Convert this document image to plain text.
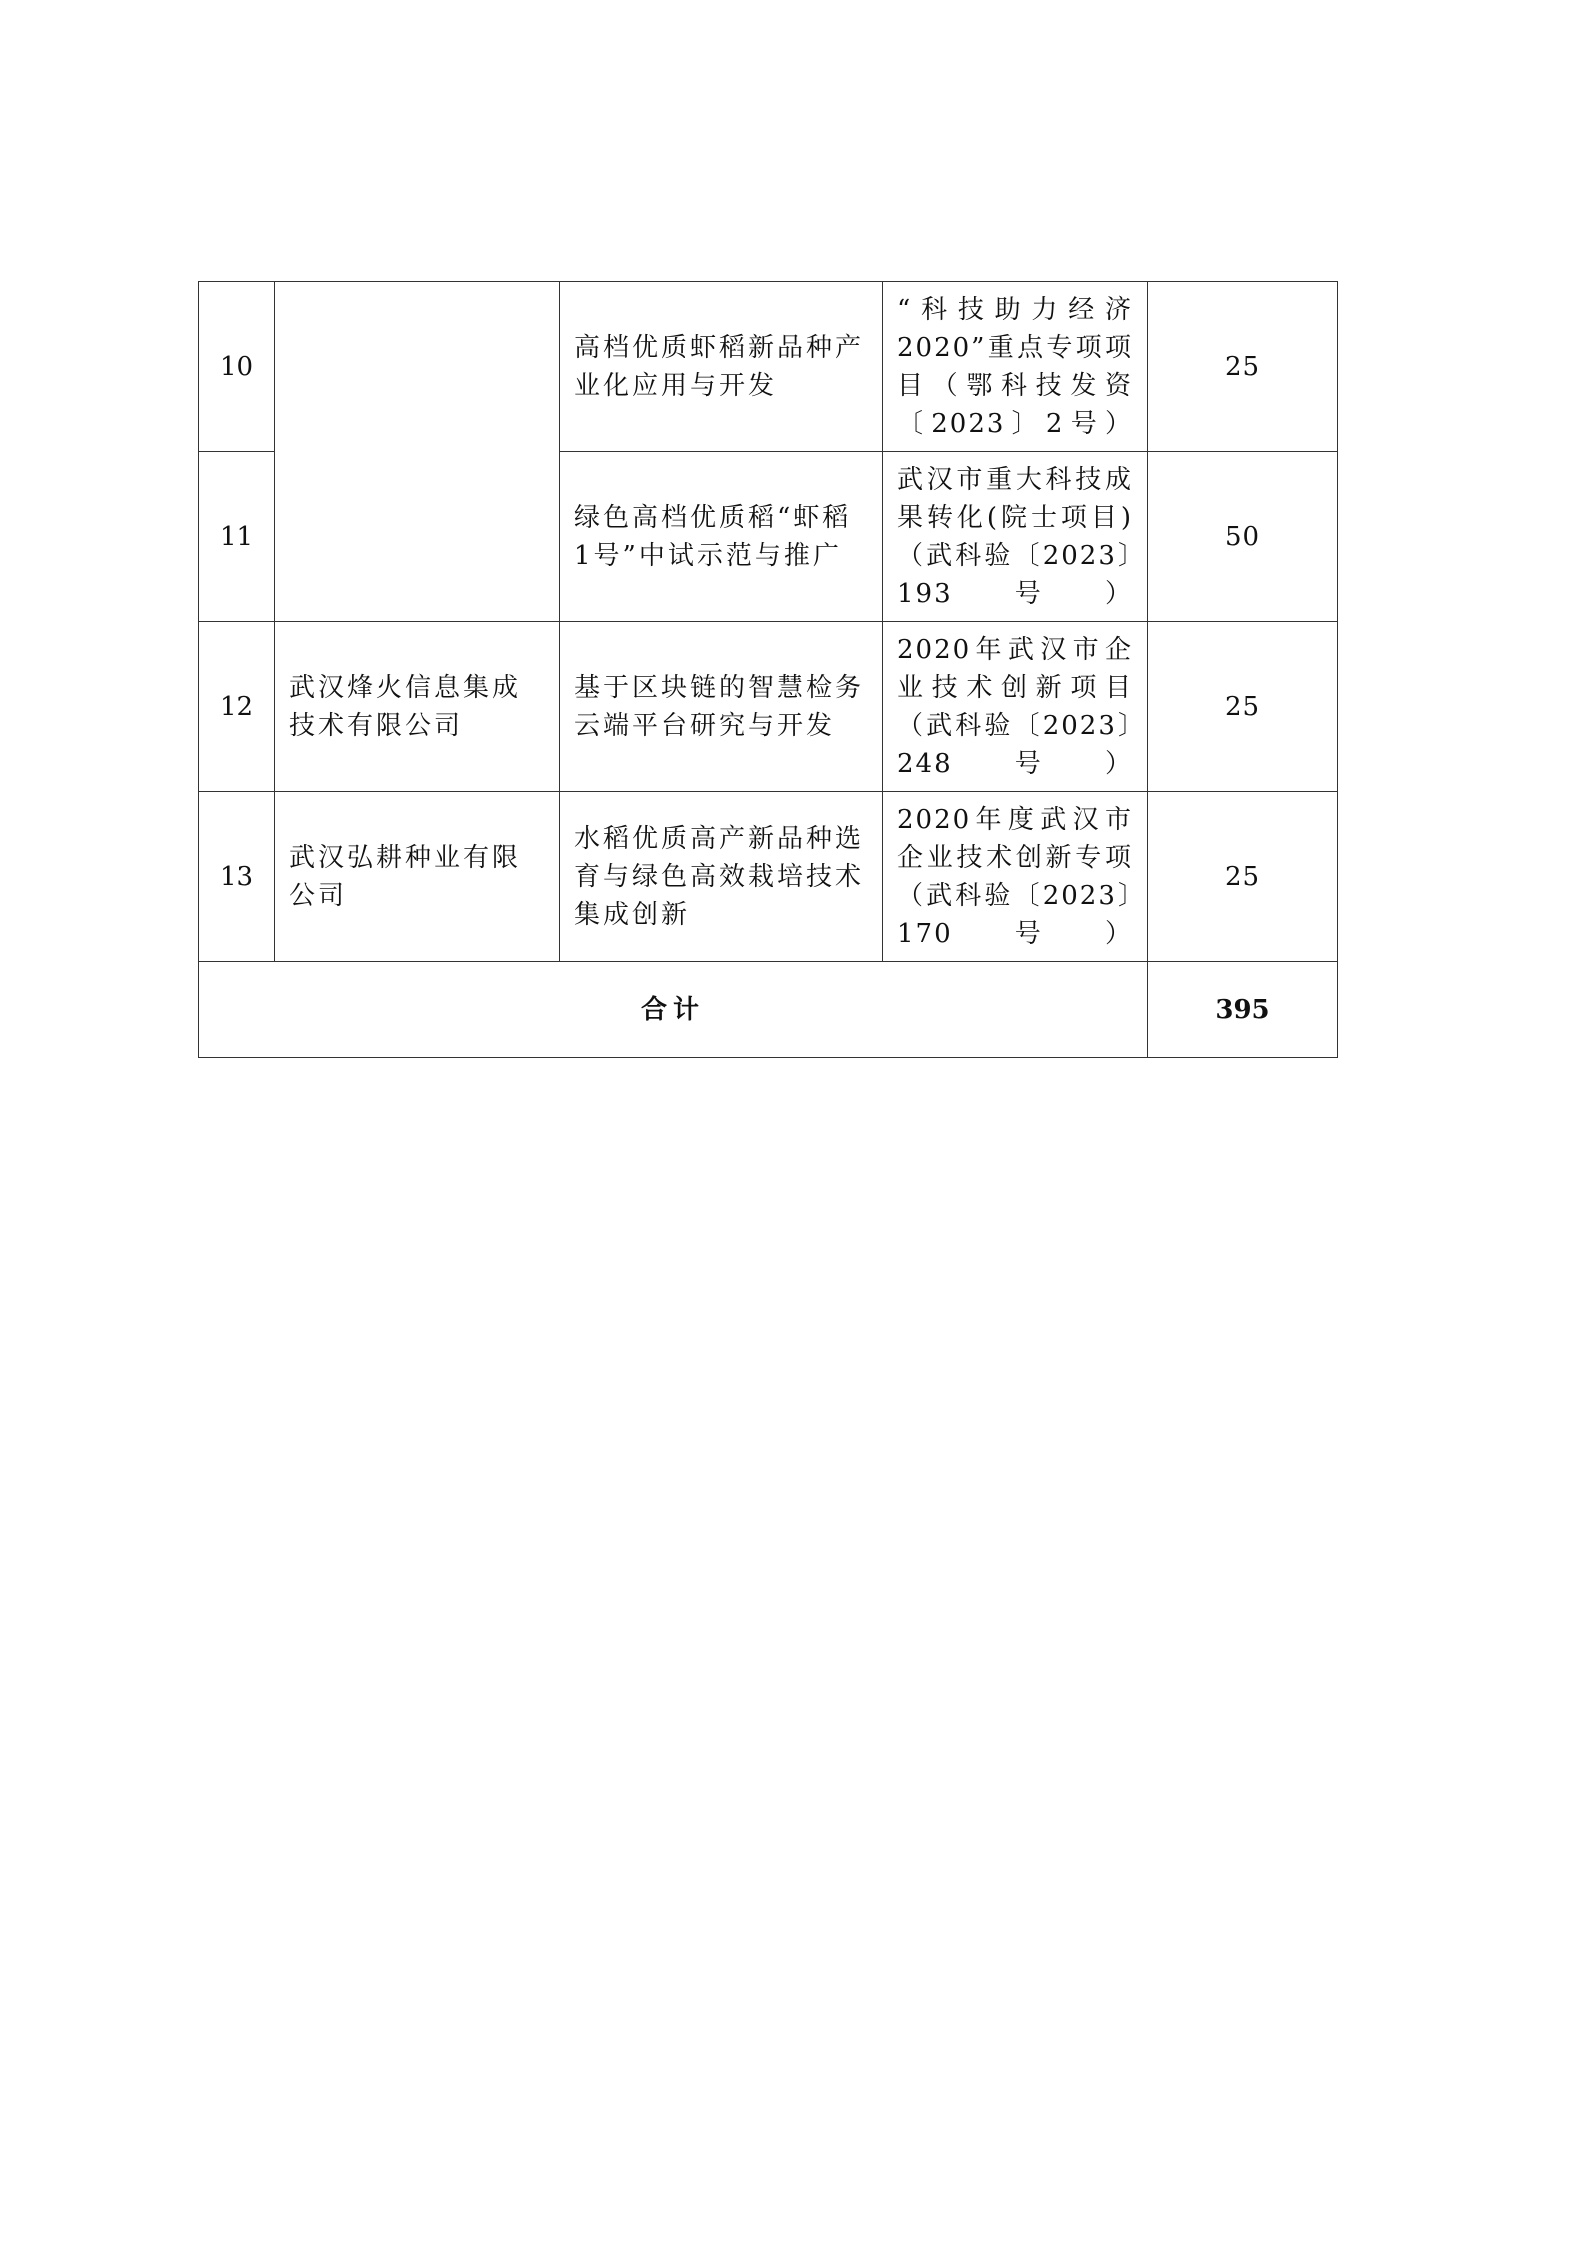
10		高档优质虾稻新品种产业化应用与开发	“科技助力经济2020”重点专项项目（鄂科技发资〔2023〕2号）	25
11		绿色高档优质稻“虾稻1号”中试示范与推广	武汉市重大科技成果转化(院士项目)（武科验〔2023〕193号）	50
12	武汉烽火信息集成技术有限公司	基于区块链的智慧检务云端平台研究与开发	2020年武汉市企业技术创新项目（武科验〔2023〕248号）	25
13	武汉弘耕种业有限公司	水稻优质高产新品种选育与绿色高效栽培技术集成创新	2020年度武汉市企业技术创新专项（武科验〔2023〕170号）	25
合计				395
